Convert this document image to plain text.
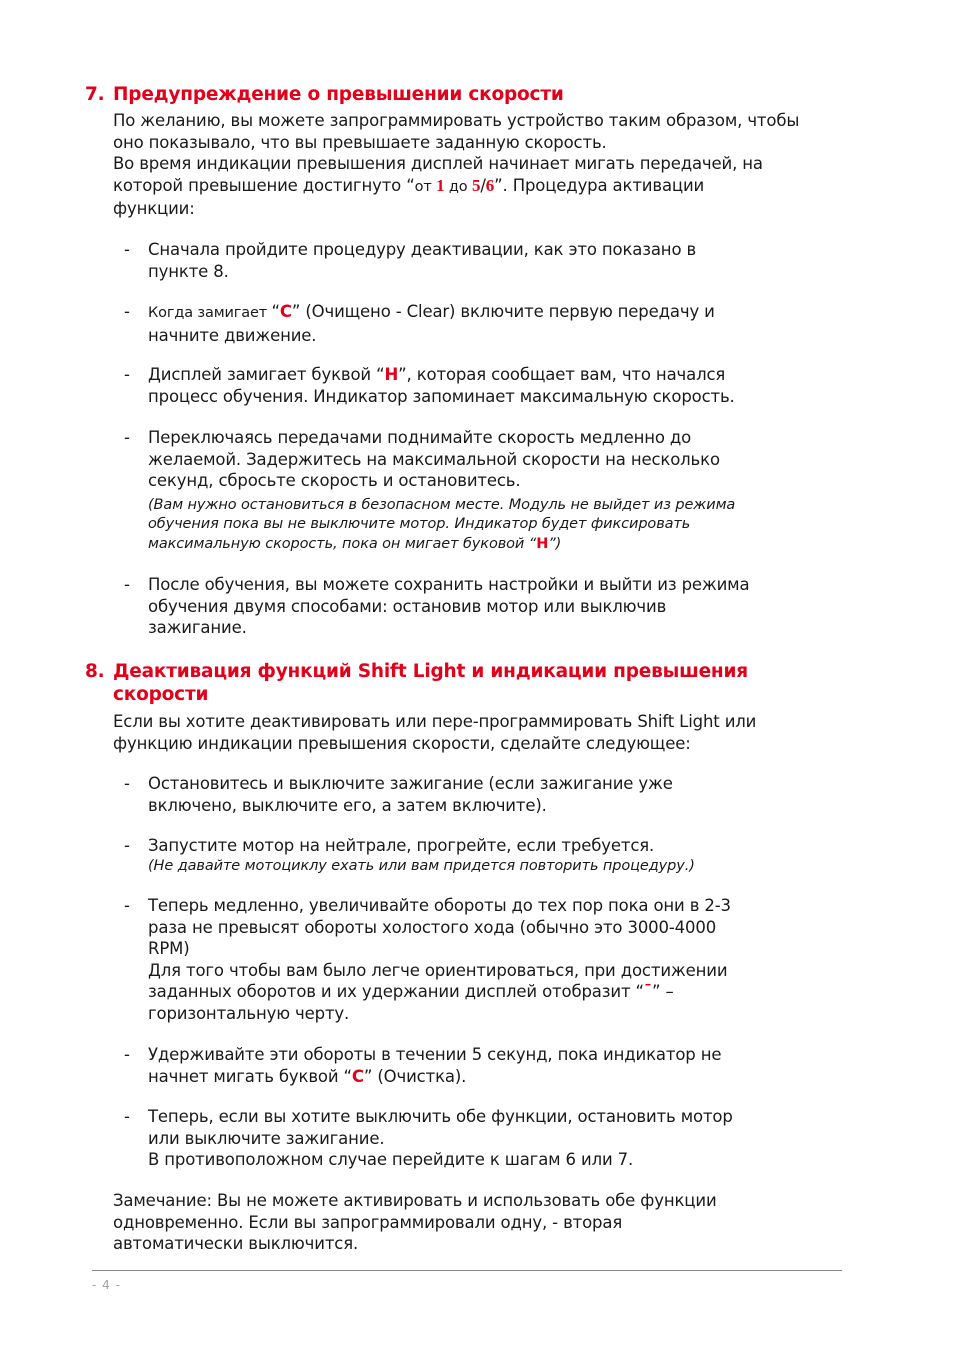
7. Предупреждение о превышении скорости
По желанию, вы можете запрограммировать устройство таким образом, чтобы
оно показывало, что вы превышаете заданную скорость.
Во время индикации превышения дисплей начинает мигать передачей, на
которой превышение достигнуто “от 1 до 5/6”. Процедура активации
функции:
- Сначала пройдите процедуру деактивации, как это показано в
пункте 8.
- Когда замигает “C” (Очищено - Clear) включите первую передачу и
начните движение.
- Дисплей замигает буквой “H”, которая сообщает вам, что начался
процесс обучения. Индикатор запоминает максимальную скорость.
- Переключаясь передачами поднимайте скорость медленно до
желаемой. Задержитесь на максимальной скорости на несколько
секунд, сбросьте скорость и остановитесь.
(Вам нужно остановиться в безопасном месте. Модуль не выйдет из режима
обучения пока вы не выключите мотор. Индикатор будет фиксировать
максимальную скорость, пока он мигает буковой “H”)
- После обучения, вы можете сохранить настройки и выйти из режима
обучения двумя способами: остановив мотор или выключив
зажигание.
8. Деактивация функций Shift Light и индикации превышения
скорости
Если вы хотите деактивировать или пере-программировать Shift Light или
функцию индикации превышения скорости, сделайте следующее:
- Остановитесь и выключите зажигание (если зажигание уже
включено, выключите его, а затем включите).
- Запустите мотор на нейтрале, прогрейте, если требуется.
(Не давайте мотоциклу ехать или вам придется повторить процедуру.)
- Теперь медленно, увеличивайте обороты до тех пор пока они в 2-3
раза не превысят обороты холостого хода (обычно это 3000-4000
RPM)
Для того чтобы вам было легче ориентироваться, при достижении
заданных оборотов и их удержании дисплей отобразит “¯” –
горизонтальную черту.
- Удерживайте эти обороты в течении 5 секунд, пока индикатор не
начнет мигать буквой “C” (Очистка).
- Теперь, если вы хотите выключить обе функции, остановить мотор
или выключите зажигание.
В противоположном случае перейдите к шагам 6 или 7.
Замечание: Вы не можете активировать и использовать обе функции
одновременно. Если вы запрограммировали одну, - вторая
автоматически выключится.
- 4 -
